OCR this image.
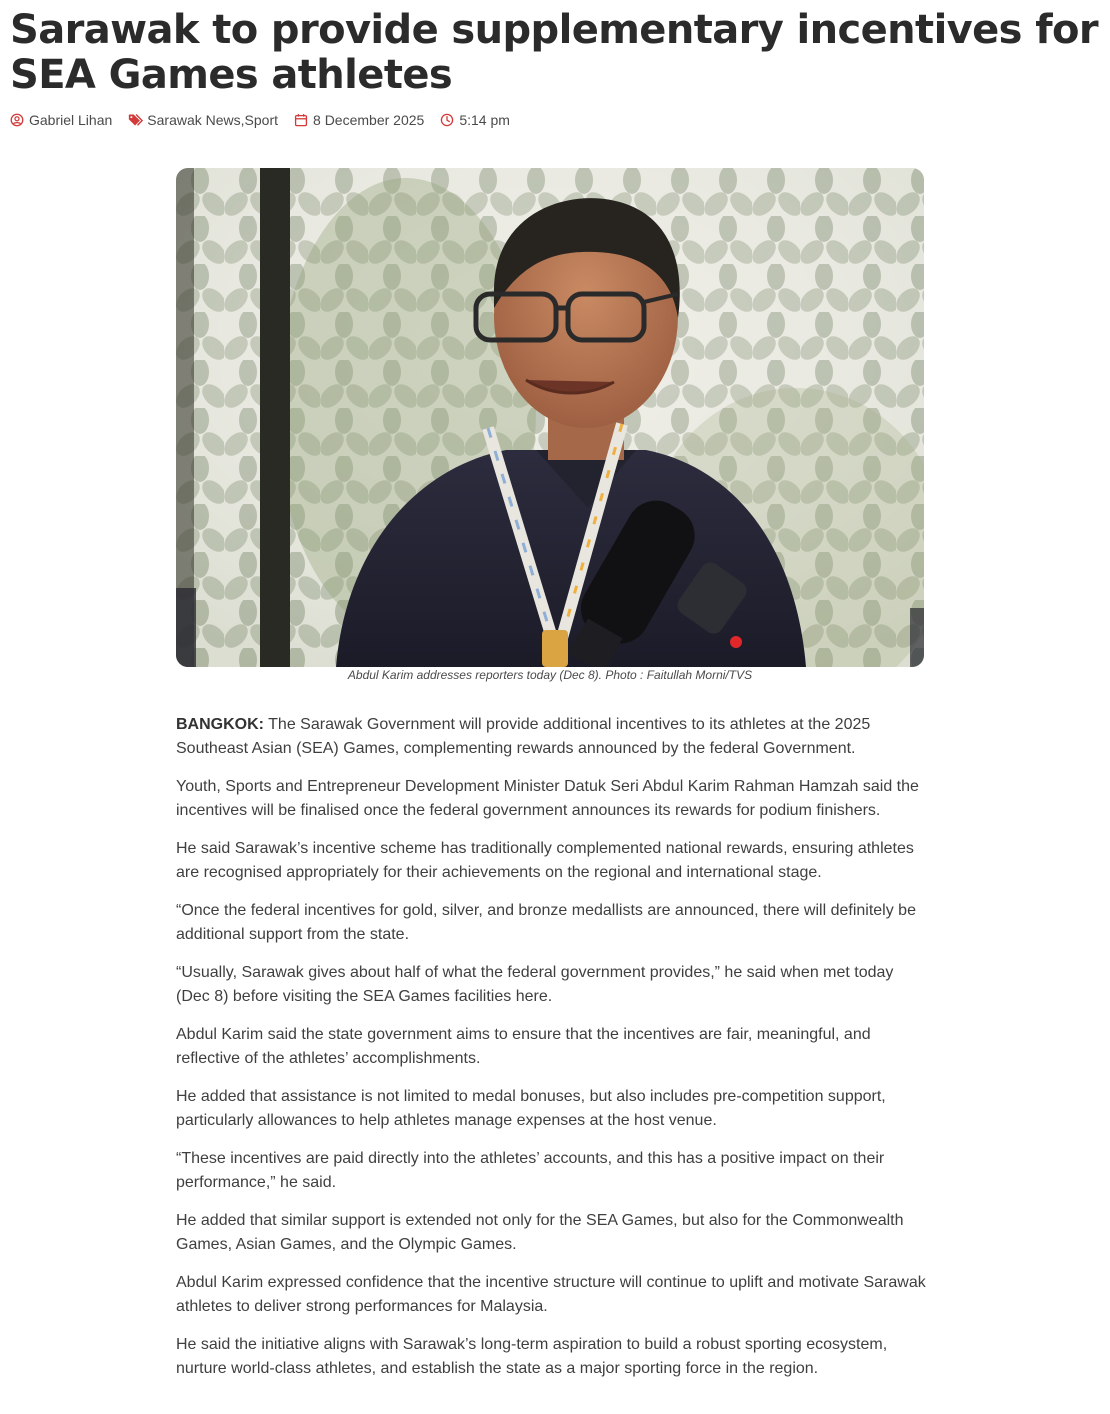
Sarawak to provide supplementary incentives for SEA Games athletes
Gabriel Lihan	Sarawak News , Sport	8 December 2025	5:14 pm
Abdul Karim addresses reporters today (Dec 8). Photo : Faitullah Morni/TVS

BANGKOK: The Sarawak Government will provide additional incentives to its athletes at the 2025 Southeast Asian (SEA) Games, complementing rewards announced by the federal Government.

Youth, Sports and Entrepreneur Development Minister Datuk Seri Abdul Karim Rahman Hamzah said the incentives will be finalised once the federal government announces its rewards for podium finishers.

He said Sarawak’s incentive scheme has traditionally complemented national rewards, ensuring athletes are recognised appropriately for their achievements on the regional and international stage.

“Once the federal incentives for gold, silver, and bronze medallists are announced, there will definitely be additional support from the state.

“Usually, Sarawak gives about half of what the federal government provides,” he said when met today (Dec 8) before visiting the SEA Games facilities here.

Abdul Karim said the state government aims to ensure that the incentives are fair, meaningful, and reflective of the athletes’ accomplishments.

He added that assistance is not limited to medal bonuses, but also includes pre-competition support, particularly allowances to help athletes manage expenses at the host venue.

“These incentives are paid directly into the athletes’ accounts, and this has a positive impact on their performance,” he said.

He added that similar support is extended not only for the SEA Games, but also for the Commonwealth Games, Asian Games, and the Olympic Games.

Abdul Karim expressed confidence that the incentive structure will continue to uplift and motivate Sarawak athletes to deliver strong performances for Malaysia.

He said the initiative aligns with Sarawak’s long-term aspiration to build a robust sporting ecosystem, nurture world-class athletes, and establish the state as a major sporting force in the region.
